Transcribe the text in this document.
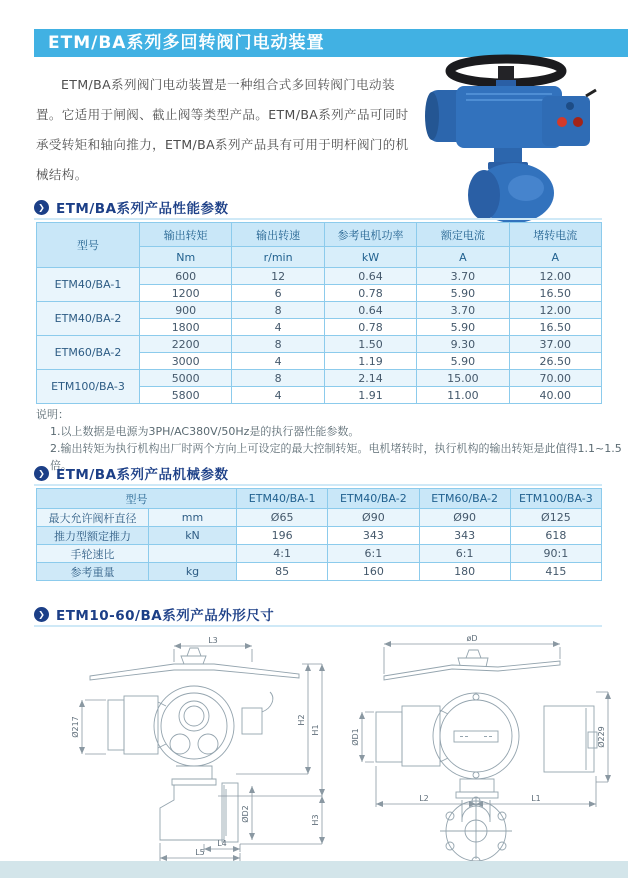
ETM/BA系列多回转阀门电动装置

ETM/BA系列阀门电动装置是一种组合式多回转阀门电动装置。它适用于闸阀、截止阀等类型产品。ETM/BA系列产品可同时承受转矩和轴向推力，ETM/BA系列产品具有可用于明杆阀门的机械结构。

❯ ETM/BA系列产品性能参数
型号	输出转矩	输出转速	参考电机功率	额定电流	堵转电流
	Nm	r/min	kW	A	A
ETM40/BA-1	600	12	0.64	3.70	12.00
	1200	6	0.78	5.90	16.50
ETM40/BA-2	900	8	0.64	3.70	12.00
	1800	4	0.78	5.90	16.50
ETM60/BA-2	2200	8	1.50	9.30	37.00
	3000	4	1.19	5.90	26.50
ETM100/BA-3	5000	8	2.14	15.00	70.00
	5800	4	1.91	11.00	40.00
说明：
1.以上数据是电源为3PH/AC380V/50Hz是的执行器性能参数。
2.输出转矩为执行机构出厂时两个方向上可设定的最大控制转矩。电机堵转时，执行机构的输出转矩是此值得1.1~1.5倍。
❯ ETM/BA系列产品机械参数
型号		ETM40/BA-1	ETM40/BA-2	ETM60/BA-2	ETM100/BA-3
最大允许阀杆直径	mm	Ø65	Ø90	Ø90	Ø125
推力型额定推力	kN	196	343	343	618
手轮速比		4:1	6:1	6:1	90:1
参考重量	kg	85	160	180	415
❯ ETM10-60/BA系列产品外形尺寸
L3
Ø217	H2
H1
H3
ØD2
L4
L5
øD
ØD1	Ø229
L2	L1
